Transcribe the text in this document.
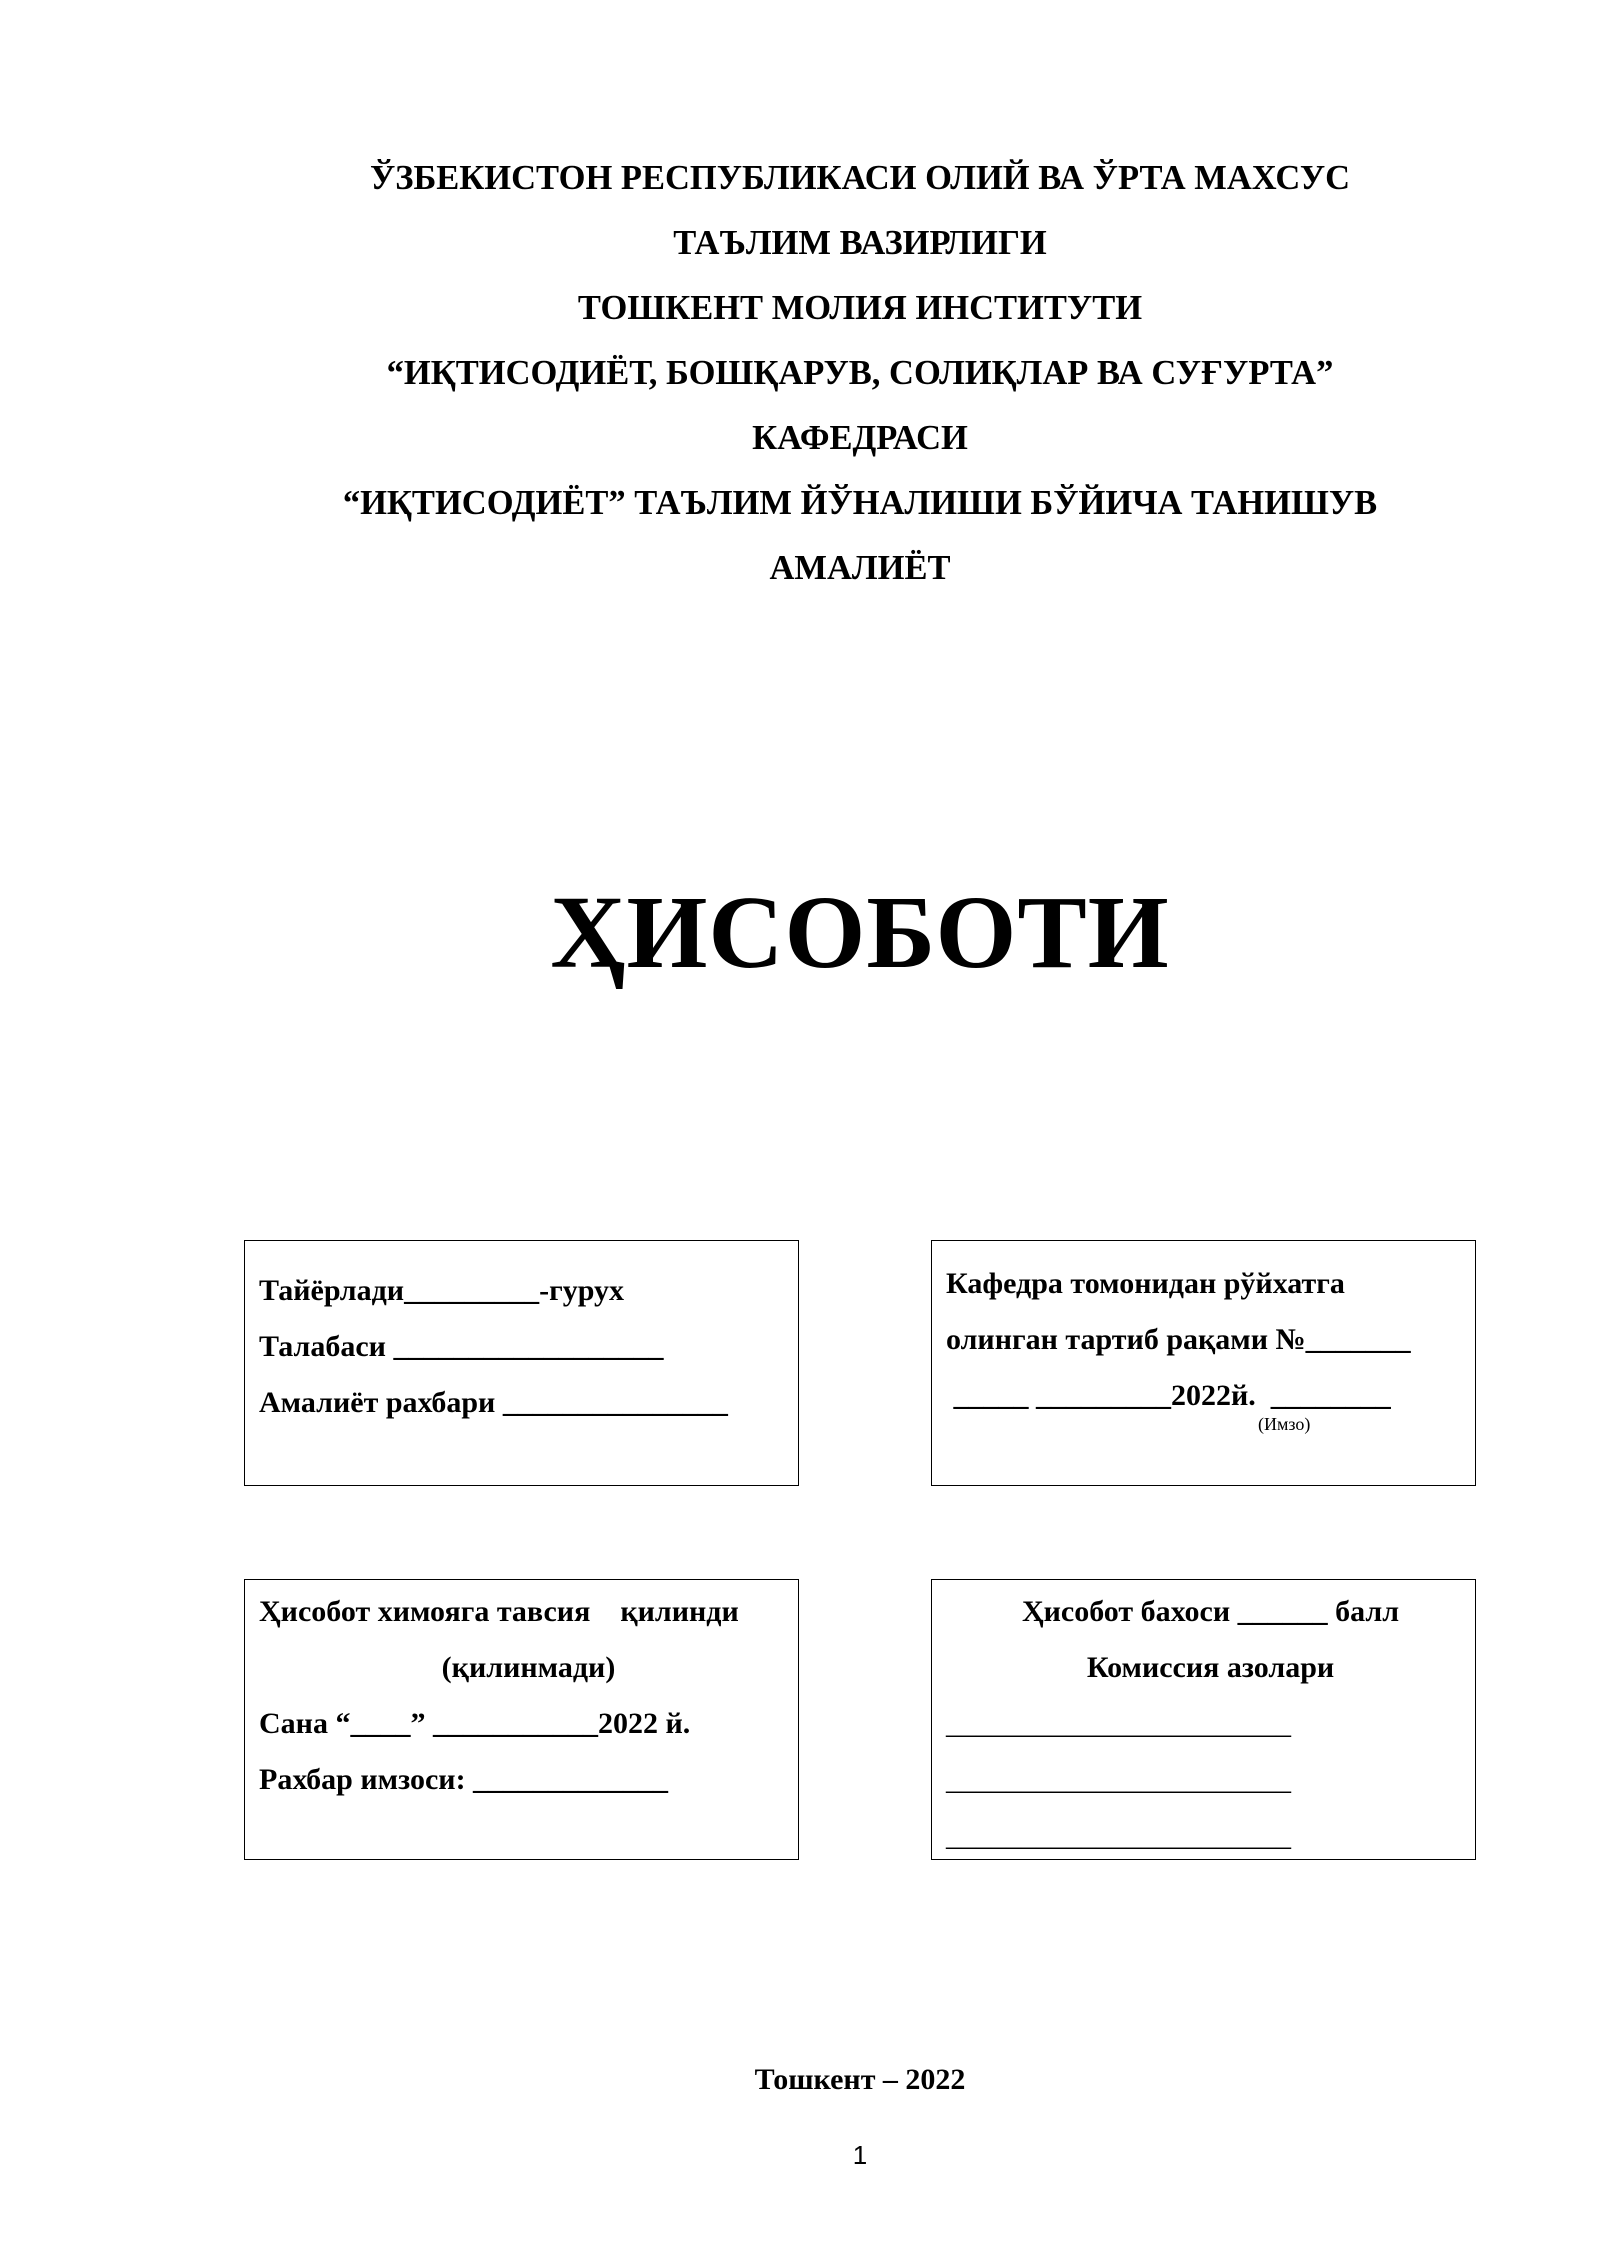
ЎЗБЕКИСТОН РЕСПУБЛИКАСИ ОЛИЙ ВА ЎРТА МАХСУС
ТАЪЛИМ ВАЗИРЛИГИ
ТОШКЕНТ МОЛИЯ ИНСТИТУТИ
“ИҚТИСОДИЁТ, БОШҚАРУВ, СОЛИҚЛАР ВА СУҒУРТА”
КАФЕДРАСИ
“ИҚТИСОДИЁТ” ТАЪЛИМ ЙЎНАЛИШИ БЎЙИЧА ТАНИШУВ
АМАЛИЁТ
ҲИСОБОТИ
Тайёрлади_________-гурух
Талабаси __________________
Амалиёт рахбари _______________
Кафедра томонидан рўйхатга
олинган тартиб рақами №_______
_____ _________2022й.  ________
(Имзо)
Ҳисобот химояга тавсия    қилинди
(қилинмади)
Сана “____” ___________2022 й.
Рахбар имзоси: _____________
Ҳисобот бахоси ______ балл
Комиссия азолари
_______________________
_______________________
_______________________
Тошкент – 2022
1
